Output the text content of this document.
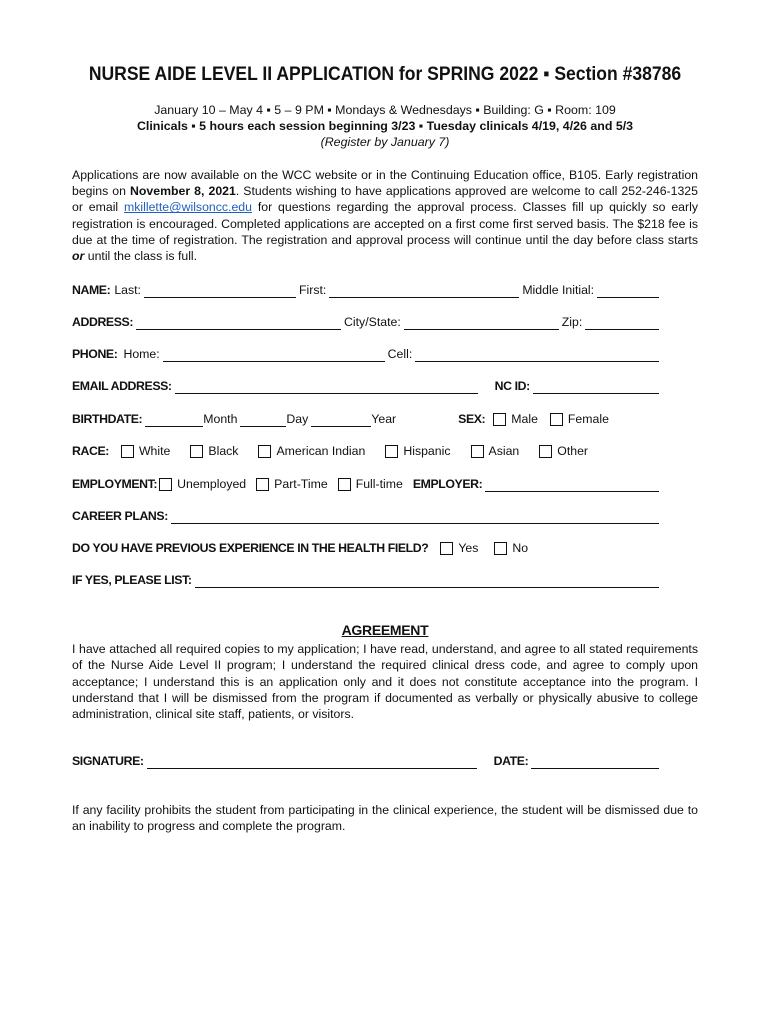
NURSE AIDE LEVEL II APPLICATION for SPRING 2022 ▪ Section #38786
January 10 – May 4 ▪ 5 – 9 PM ▪ Mondays & Wednesdays ▪ Building: G ▪ Room: 109
Clinicals ▪ 5 hours each session beginning 3/23 ▪ Tuesday clinicals 4/19, 4/26 and 5/3
(Register by January 7)
Applications are now available on the WCC website or in the Continuing Education office, B105. Early registration begins on November 8, 2021. Students wishing to have applications approved are welcome to call 252-246-1325 or email mkillette@wilsoncc.edu for questions regarding the approval process. Classes fill up quickly so early registration is encouraged. Completed applications are accepted on a first come first served basis. The $218 fee is due at the time of registration. The registration and approval process will continue until the day before class starts or until the class is full.
NAME: Last:	First:	Middle Initial:
ADDRESS:	City/State:	Zip:
PHONE: Home:	Cell:
EMAIL ADDRESS:	NC ID:
BIRTHDATE:	Month	Day	Year	SEX: Male Female
RACE: White	Black	American Indian	Hispanic	Asian	Other
EMPLOYMENT: Unemployed Part-Time Full-time EMPLOYER:
CAREER PLANS:
DO YOU HAVE PREVIOUS EXPERIENCE IN THE HEALTH FIELD? Yes	No
IF YES, PLEASE LIST:
AGREEMENT
I have attached all required copies to my application; I have read, understand, and agree to all stated requirements of the Nurse Aide Level II program; I understand the required clinical dress code, and agree to comply upon acceptance; I understand this is an application only and it does not constitute acceptance into the program. I understand that I will be dismissed from the program if documented as verbally or physically abusive to college administration, clinical site staff, patients, or visitors.
SIGNATURE:	DATE:
If any facility prohibits the student from participating in the clinical experience, the student will be dismissed due to an inability to progress and complete the program.
